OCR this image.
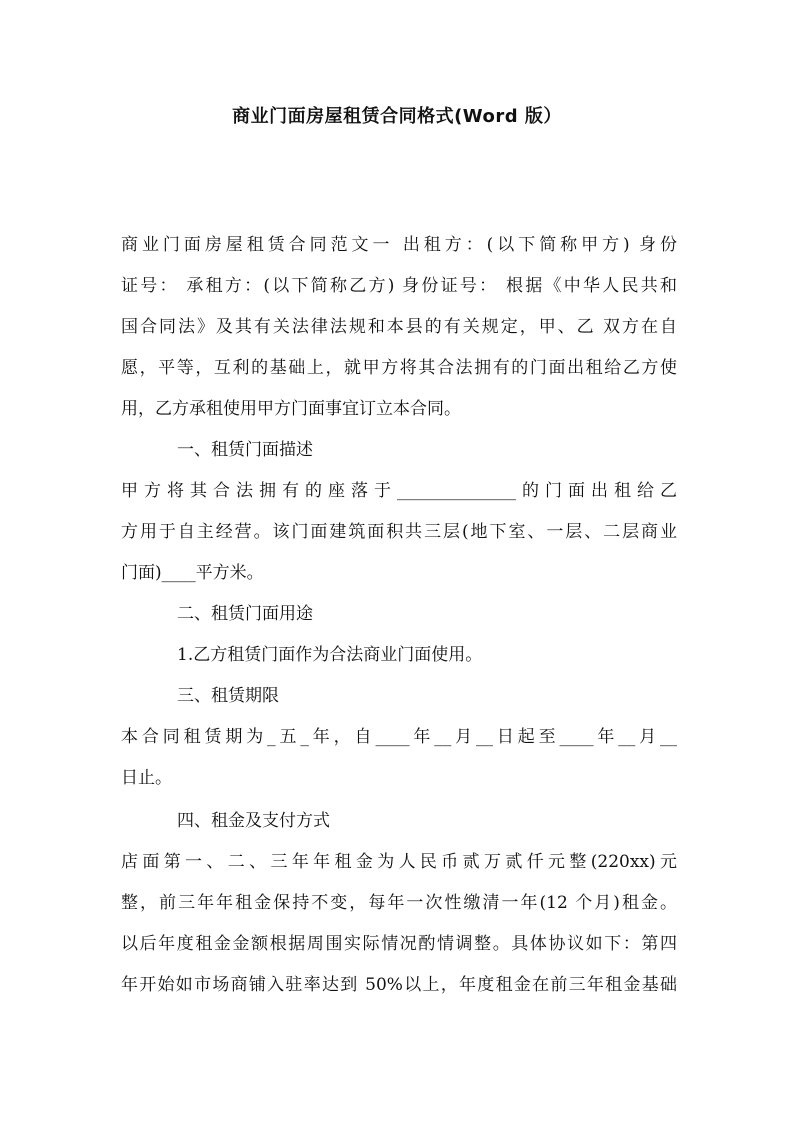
商业门面房屋租赁合同格式(Word 版）
商业门面房屋租赁合同范文一 出租方：(以下简称甲方) 身份
证号： 承租方：(以下简称乙方) 身份证号： 根据《中华人民共和
国合同法》及其有关法律法规和本县的有关规定，甲、乙 双方在自
愿，平等，互利的基础上，就甲方将其合法拥有的门面出租给乙方使
用，乙方承租使用甲方门面事宜订立本合同。
一、租赁门面描述
甲方将其合法拥有的座落于______________的门面出租给乙
方用于自主经营。该门面建筑面积共三层(地下室、一层、二层商业
门面)____平方米。
二、租赁门面用途
1.乙方租赁门面作为合法商业门面使用。
三、租赁期限
本合同租赁期为_五_年，自____年__月__日起至____年__月__
日止。
四、租金及支付方式
店面第一、二、三年年租金为人民币贰万贰仟元整(220xx)元
整，前三年年租金保持不变，每年一次性缴清一年(12 个月)租金。
以后年度租金金额根据周围实际情况酌情调整。具体协议如下：第四
年开始如市场商铺入驻率达到 50%以上，年度租金在前三年租金基础
